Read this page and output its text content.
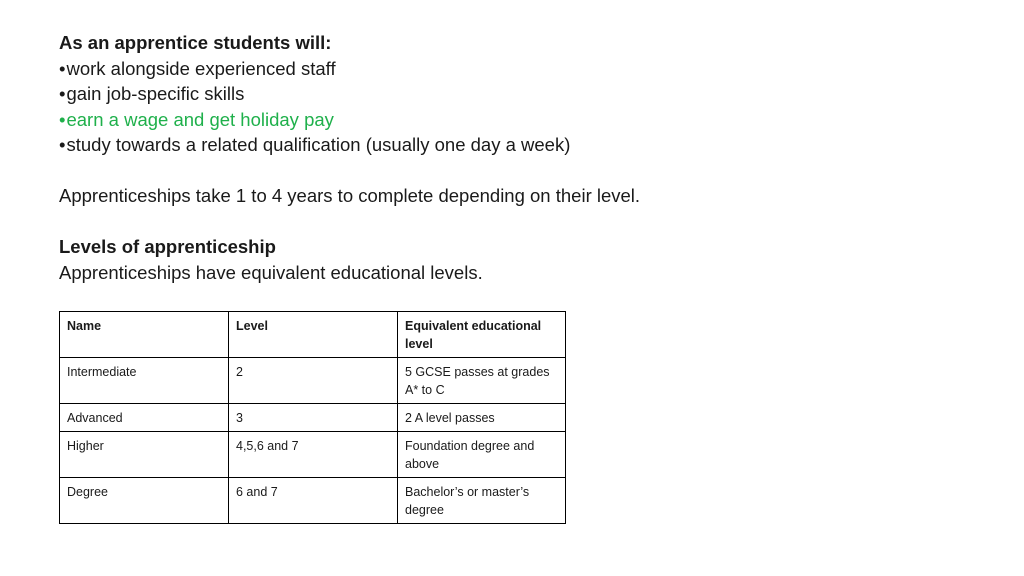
As an apprentice students will:
•work alongside experienced staff
•gain job-specific skills
•earn a wage and get holiday pay
•study towards a related qualification (usually one day a week)
Apprenticeships take 1 to 4 years to complete depending on their level.
Levels of apprenticeship
Apprenticeships have equivalent educational levels.
Name	Level	Equivalent educational level
Intermediate	2	5 GCSE passes at grades A* to C
Advanced	3	2 A level passes
Higher	4,5,6 and 7	Foundation degree and above
Degree	6 and 7	Bachelor’s or master’s degree
